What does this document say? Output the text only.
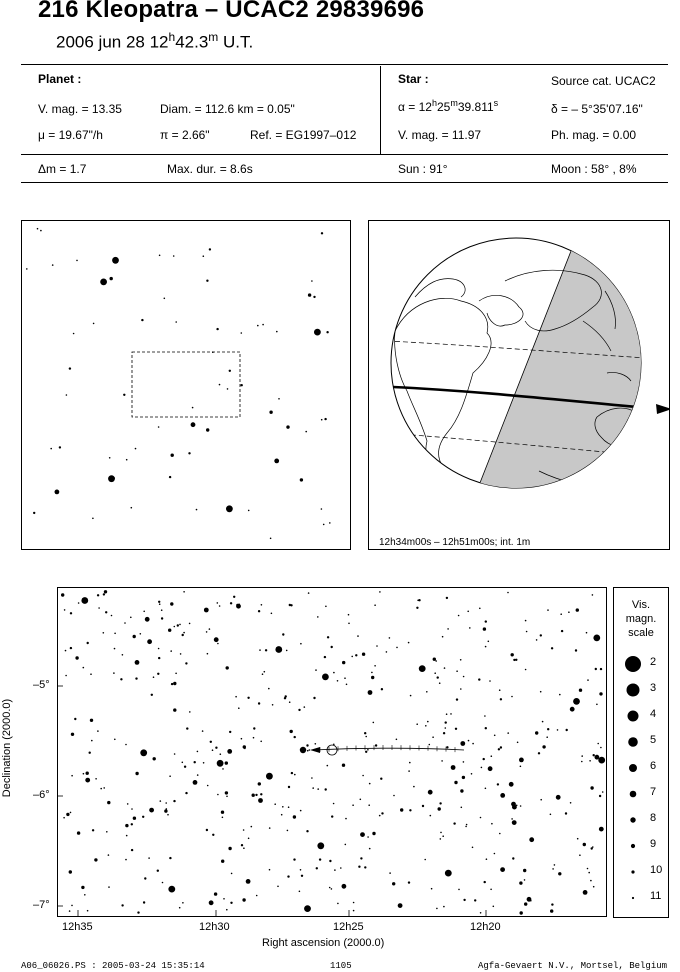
216 Kleopatra – UCAC2 29839696
2006 jun 28 12$^h$42.3$^m$ U.T.
Planet :
V. mag. = 13.35	Diam. = 112.6 km = 0.05"
μ = 19.67"/h	π = 2.66"	Ref. = EG1997–012
Star :	Source cat. UCAC2
$\alpha = 12^h25^m39.811^s$	δ = – 5°35'07.16"
V. mag. = 11.97	Ph. mag. = 0.00
Δm = 1.7	Max. dur. = 8.6s	Sun : 91°	Moon : 58° , 8%
12h34m00s – 12h51m00s; int. 1m
–5°
–6°
–7°
12h35	12h30	12h25	12h20
Right ascension (2000.0)
Declination (2000.0)
Vis.
magn.
scale
2
3
4
5
6
7
8
9
10
11
A06_06026.PS : 2005-03-24 15:35:14	1105	Agfa-Gevaert N.V., Mortsel, Belgium
